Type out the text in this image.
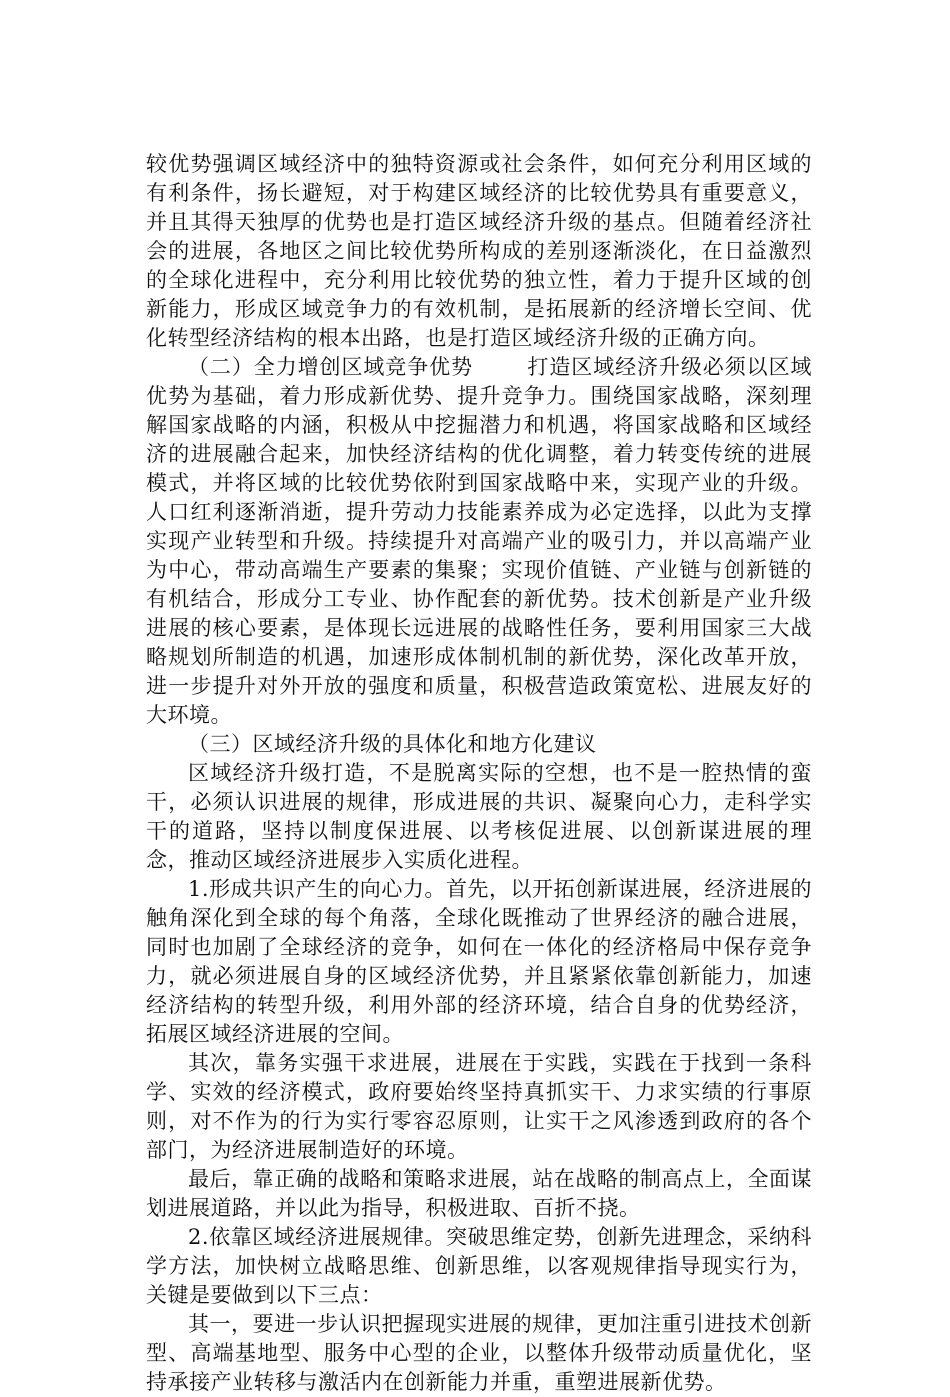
较优势强调区域经济中的独特资源或社会条件，如何充分利用区域的有利条件，扬长避短，对于构建区域经济的比较优势具有重要意义，并且其得天独厚的优势也是打造区域经济升级的基点。但随着经济社会的进展，各地区之间比较优势所构成的差别逐渐淡化，在日益激烈的全球化进程中，充分利用比较优势的独立性，着力于提升区域的创新能力，形成区域竞争力的有效机制，是拓展新的经济增长空间、优化转型经济结构的根本出路，也是打造区域经济升级的正确方向。

（二）全力增创区域竞争优势	打造区域经济升级必须以区域优势为基础，着力形成新优势、提升竞争力。围绕国家战略，深刻理解国家战略的内涵，积极从中挖掘潜力和机遇，将国家战略和区域经济的进展融合起来，加快经济结构的优化调整，着力转变传统的进展模式，并将区域的比较优势依附到国家战略中来，实现产业的升级。人口红利逐渐消逝，提升劳动力技能素养成为必定选择，以此为支撑实现产业转型和升级。持续提升对高端产业的吸引力，并以高端产业为中心，带动高端生产要素的集聚；实现价值链、产业链与创新链的有机结合，形成分工专业、协作配套的新优势。技术创新是产业升级进展的核心要素，是体现长远进展的战略性任务，要利用国家三大战略规划所制造的机遇，加速形成体制机制的新优势，深化改革开放，进一步提升对外开放的强度和质量，积极营造政策宽松、进展友好的大环境。

（三）区域经济升级的具体化和地方化建议

区域经济升级打造，不是脱离实际的空想，也不是一腔热情的蛮干，必须认识进展的规律，形成进展的共识、凝聚向心力，走科学实干的道路，坚持以制度保进展、以考核促进展、以创新谋进展的理念，推动区域经济进展步入实质化进程。

1.形成共识产生的向心力。首先，以开拓创新谋进展，经济进展的触角深化到全球的每个角落，全球化既推动了世界经济的融合进展，同时也加剧了全球经济的竞争，如何在一体化的经济格局中保存竞争力，就必须进展自身的区域经济优势，并且紧紧依靠创新能力，加速经济结构的转型升级，利用外部的经济环境，结合自身的优势经济，拓展区域经济进展的空间。

其次，靠务实强干求进展，进展在于实践，实践在于找到一条科学、实效的经济模式，政府要始终坚持真抓实干、力求实绩的行事原则，对不作为的行为实行零容忍原则，让实干之风渗透到政府的各个部门，为经济进展制造好的环境。

最后，靠正确的战略和策略求进展，站在战略的制高点上，全面谋划进展道路，并以此为指导，积极进取、百折不挠。

2.依靠区域经济进展规律。突破思维定势，创新先进理念，采纳科学方法，加快树立战略思维、创新思维，以客观规律指导现实行为，关键是要做到以下三点：

其一，要进一步认识把握现实进展的规律，更加注重引进技术创新型、高端基地型、服务中心型的企业，以整体升级带动质量优化，坚持承接产业转移与激活内在创新能力并重，重塑进展新优势。
